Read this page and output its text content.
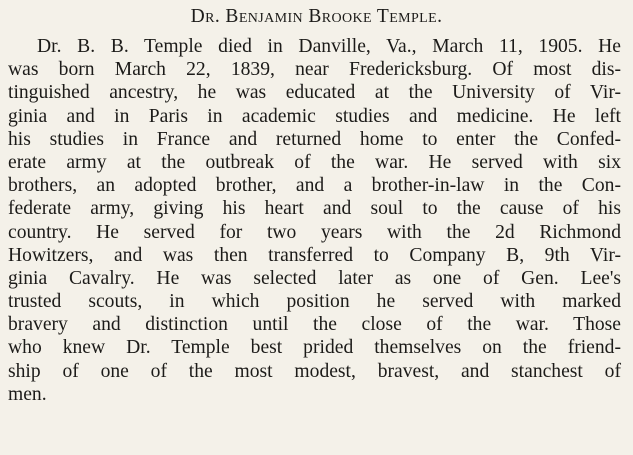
Dr. Benjamin Brooke Temple.
Dr. B. B. Temple died in Danville, Va., March 11, 1905. He
was born March 22, 1839, near Fredericksburg. Of most dis-
tinguished ancestry, he was educated at the University of Vir-
ginia and in Paris in academic studies and medicine. He left
his studies in France and returned home to enter the Confed-
erate army at the outbreak of the war. He served with six
brothers, an adopted brother, and a brother-in-law in the Con-
federate army, giving his heart and soul to the cause of his
country. He served for two years with the 2d Richmond
Howitzers, and was then transferred to Company B, 9th Vir-
ginia Cavalry. He was selected later as one of Gen. Lee's
trusted scouts, in which position he served with marked
bravery and distinction until the close of the war. Those
who knew Dr. Temple best prided themselves on the friend-
ship of one of the most modest, bravest, and stanchest of
men.
